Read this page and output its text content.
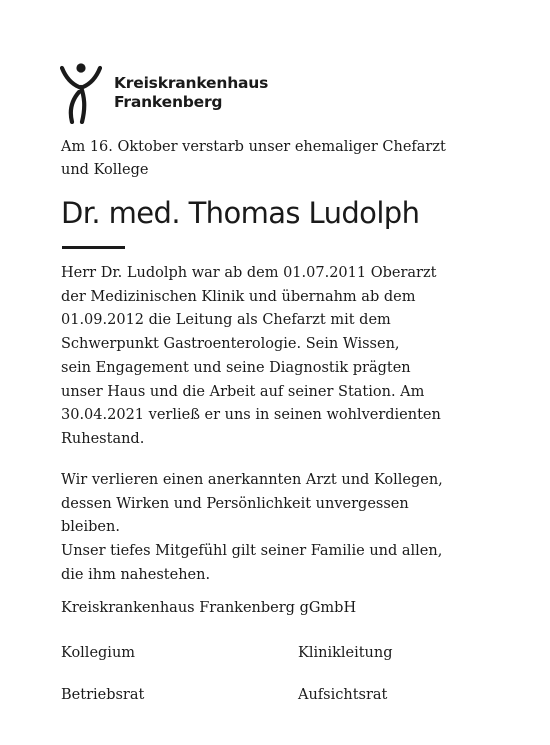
Kreiskrankenhaus
Frankenberg
Am 16. Oktober verstarb unser ehemaliger Chefarzt
und Kollege
Dr. med. Thomas Ludolph
Herr Dr. Ludolph war ab dem 01.07.2011 Oberarzt
der Medizinischen Klinik und übernahm ab dem
01.09.2012 die Leitung als Chefarzt mit dem
Schwerpunkt Gastroenterologie. Sein Wissen,
sein Engagement und seine Diagnostik prägten
unser Haus und die Arbeit auf seiner Station. Am
30.04.2021 verließ er uns in seinen wohlverdienten
Ruhestand.
Wir verlieren einen anerkannten Arzt und Kollegen,
dessen Wirken und Persönlichkeit unvergessen
bleiben.
Unser tiefes Mitgefühl gilt seiner Familie und allen,
die ihm nahestehen.
Kreiskrankenhaus Frankenberg gGmbH
Kollegium	Klinikleitung
Betriebsrat	Aufsichtsrat
